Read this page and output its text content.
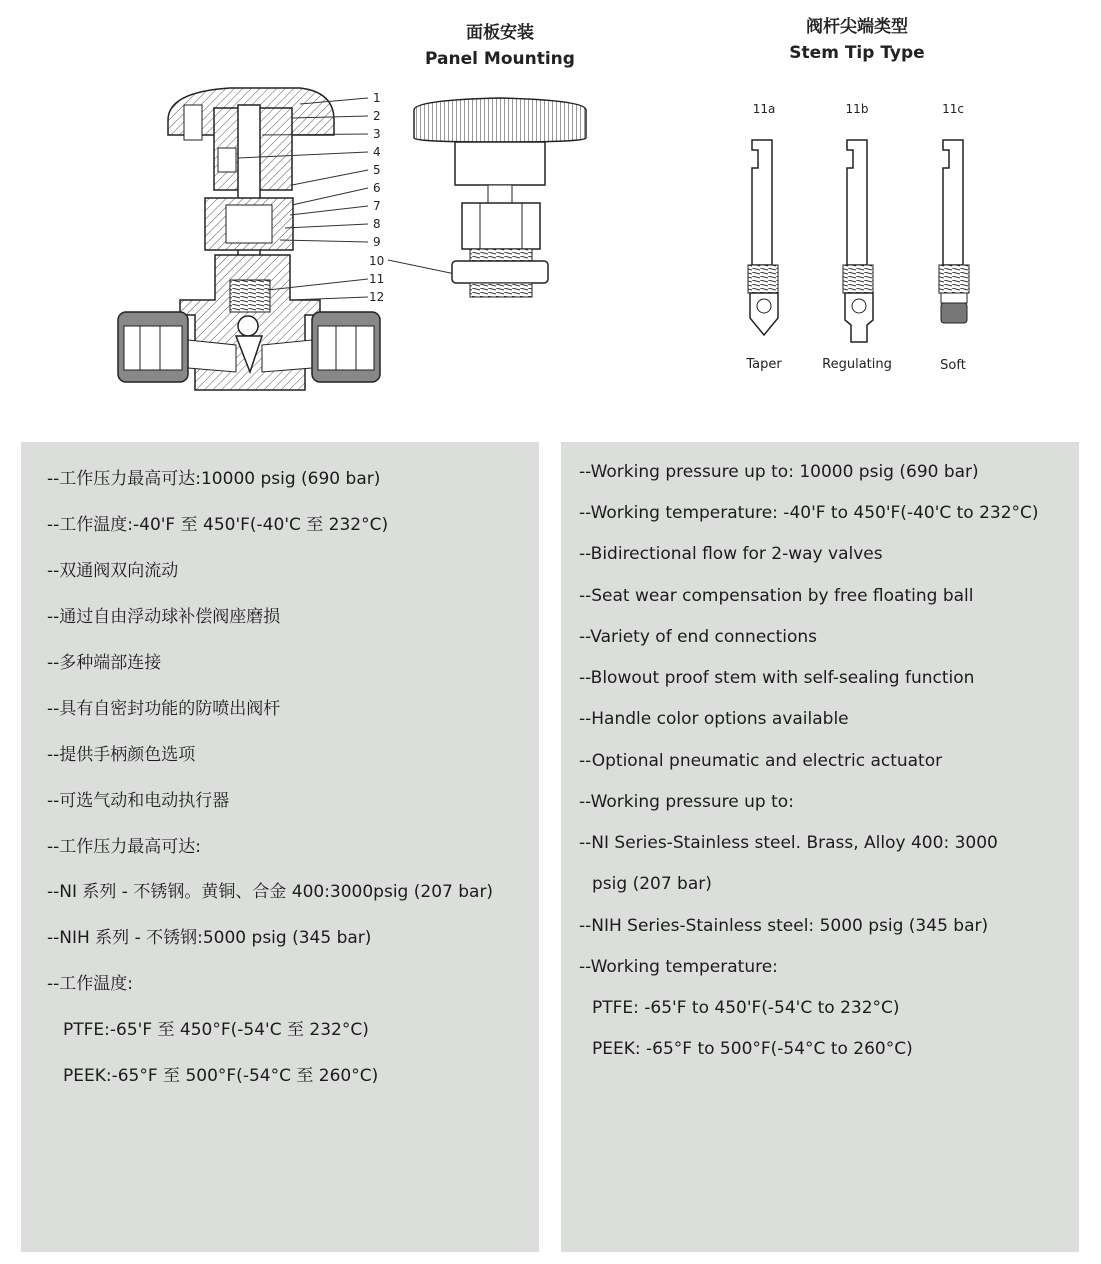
面板安装
Panel Mounting
阀杆尖端类型
Stem Tip Type
1
2
3
4
5
6
7
8
9
10
11
12
11a	11b	11c
Taper	Regulating	Soft
--工作压力最高可达:10000 psig (690 bar)
--工作温度:-40'F 至 450'F(-40'C 至 232°C)
--双通阀双向流动
--通过自由浮动球补偿阀座磨损
--多种端部连接
--具有自密封功能的防喷出阀杆
--提供手柄颜色选项
--可选气动和电动执行器
--工作压力最高可达:
--NI 系列 - 不锈钢。黄铜、合金 400:3000psig (207 bar)
--NIH 系列 - 不锈钢:5000 psig (345 bar)
--工作温度:
PTFE:-65'F 至 450°F(-54'C 至 232°C)
PEEK:-65°F 至 500°F(-54°C 至 260°C)
--Working pressure up to: 10000 psig (690 bar)
--Working temperature: -40'F to 450'F(-40'C to 232°C)
--Bidirectional flow for 2-way valves
--Seat wear compensation by free floating ball
--Variety of end connections
--Blowout proof stem with self-sealing function
--Handle color options available
--Optional pneumatic and electric actuator
--Working pressure up to:
--NI Series-Stainless steel. Brass, Alloy 400: 3000
psig (207 bar)
--NIH Series-Stainless steel: 5000 psig (345 bar)
--Working temperature:
PTFE: -65'F to 450'F(-54'C to 232°C)
PEEK: -65°F to 500°F(-54°C to 260°C)
